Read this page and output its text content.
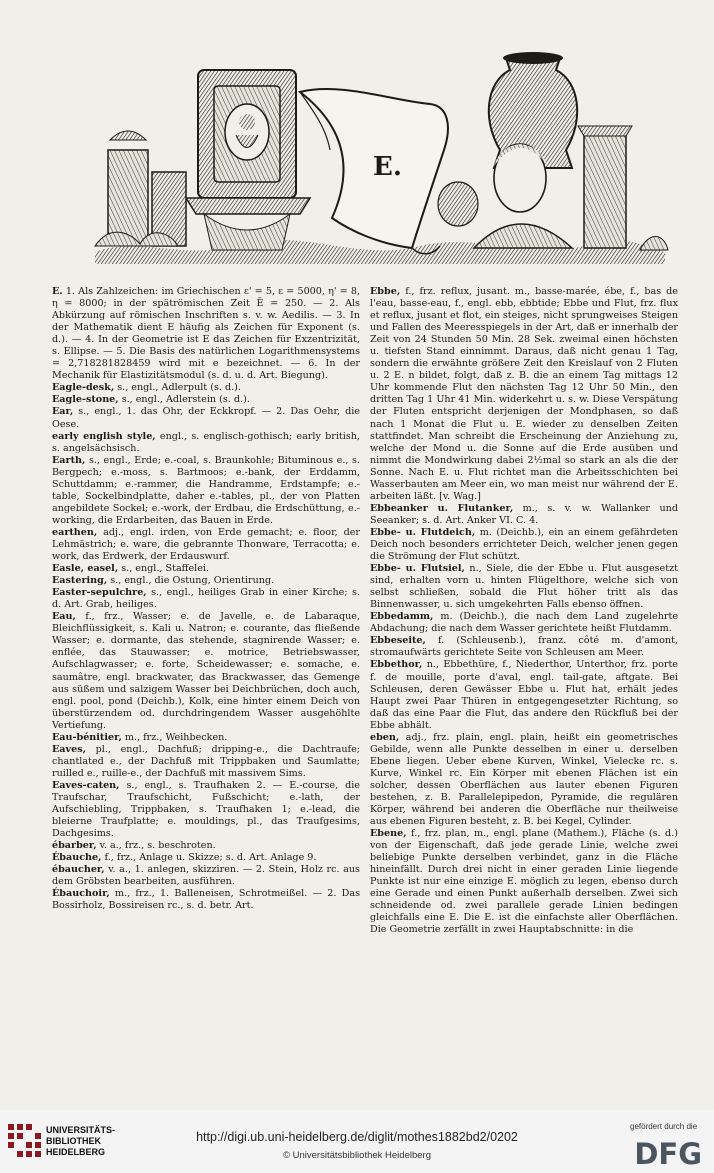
E.

E. 1. Als Zahlzeichen: im Griechischen ε' = 5, ε = 5000, η' = 8, η = 8000; in der spätrömischen Zeit Ē = 250. — 2. Als Abkürzung auf römischen Inschriften s. v. w. Aedilis. — 3. In der Mathematik dient E häufig als Zeichen für Exponent (s. d.). — 4. In der Geometrie ist E das Zeichen für Exzentrizität, s. Ellipse. — 5. Die Basis des natürlichen Logarithmensystems = 2,718281828459 wird mit e bezeichnet. — 6. In der Mechanik für Elastizitätsmodul (s. d. u. d. Art. Biegung).

Eagle-desk, s., engl., Adlerpult (s. d.).

Eagle-stone, s., engl., Adlerstein (s. d.).

Ear, s., engl., 1. das Ohr, der Eckkropf. — 2. Das Oehr, die Oese.

early english style, engl., s. englisch-gothisch; early british, s. angelsächsisch.

Earth, s., engl., Erde; e.-coal, s. Braunkohle; Bituminous e., s. Bergpech; e.-moss, s. Bartmoos; e.-bank, der Erddamm, Schuttdamm; e.-rammer, die Handramme, Erdstampfe; e.-table, Sockelbindplatte, daher e.-tables, pl., der von Platten angebildete Sockel; e.-work, der Erdbau, die Erdschüttung, e.-working, die Erdarbeiten, das Bauen in Erde.

earthen, adj., engl. irden, von Erde gemacht; e. floor, der Lehmästrich; e. ware, die gebrannte Thonware, Terracotta; e. work, das Erdwerk, der Erdauswurf.

Easle, easel, s., engl., Staffelei.

Eastering, s., engl., die Ostung, Orientirung.

Easter-sepulchre, s., engl., heiliges Grab in einer Kirche; s. d. Art. Grab, heiliges.

Eau, f., frz., Wasser; e. de Javelle, e. de Labaraque, Bleichflüssigkeit, s. Kali u. Natron; e. courante, das fließende Wasser; e. dormante, das stehende, stagnirende Wasser; e. enflée, das Stauwasser; e. motrice, Betriebswasser, Aufschlagwasser; e. forte, Scheidewasser; e. somache, e. saumâtre, engl. brackwater, das Brackwasser, das Gemenge aus süßem und salzigem Wasser bei Deichbrüchen, doch auch, engl. pool, pond (Deichb.), Kolk, eine hinter einem Deich von überstürzendem od. durchdringendem Wasser ausgehöhlte Vertiefung.

Eau-bénitier, m., frz., Weihbecken.

Eaves, pl., engl., Dachfuß; dripping-e., die Dachtraufe; chantlated e., der Dachfuß mit Trippbaken und Saumlatte; ruilled e., ruille-e., der Dachfuß mit massivem Sims.

Eaves-caten, s., engl., s. Traufhaken 2. — E.-course, die Traufschar, Traufschicht, Fußschicht; e.-lath, der Aufschiebling, Trippbaken, s. Traufhaken 1; e.-lead, die bleierne Traufplatte; e. mouldings, pl., das Traufgesims, Dachgesims.

ébarber, v. a., frz., s. beschroten.

Ébauche, f., frz., Anlage u. Skizze; s. d. Art. Anlage 9.

ébaucher, v. a., 1. anlegen, skizziren. — 2. Stein, Holz rc. aus dem Gröbsten bearbeiten, ausführen.

Ébauchoir, m., frz., 1. Balleneisen, Schrotmeißel. — 2. Das Bossirholz, Bossireisen rc., s. d. betr. Art.

Ebbe, f., frz. reflux, jusant. m., basse-marée, ébe, f., bas de l'eau, basse-eau, f., engl. ebb, ebbtide; Ebbe und Flut, frz. flux et reflux, jusant et flot, ein steiges, nicht sprungweises Steigen und Fallen des Meeresspiegels in der Art, daß er innerhalb der Zeit von 24 Stunden 50 Min. 28 Sek. zweimal einen höchsten u. tiefsten Stand einnimmt. Daraus, daß nicht genau 1 Tag, sondern die erwähnte größere Zeit den Kreislauf von 2 Fluten u. 2 E. n bildet, folgt, daß z. B. die an einem Tag mittags 12 Uhr kommende Flut den nächsten Tag 12 Uhr 50 Min., den dritten Tag 1 Uhr 41 Min. widerkehrt u. s. w. Diese Verspätung der Fluten entspricht derjenigen der Mondphasen, so daß nach 1 Monat die Flut u. E. wieder zu denselben Zeiten stattfindet. Man schreibt die Erscheinung der Anziehung zu, welche der Mond u. die Sonne auf die Erde ausüben und nimmt die Mondwirkung dabei 2½mal so stark an als die der Sonne. Nach E. u. Flut richtet man die Arbeitsschichten bei Wasserbauten am Meer ein, wo man meist nur während der E. arbeiten läßt. [v. Wag.]

Ebbeanker u. Flutanker, m., s. v. w. Wallanker und Seeanker; s. d. Art. Anker VI. C. 4.

Ebbe- u. Flutdeich, m. (Deichb.), ein an einem gefährdeten Deich noch besonders errichteter Deich, welcher jenen gegen die Strömung der Flut schützt.

Ebbe- u. Flutsiel, n., Siele, die der Ebbe u. Flut ausgesetzt sind, erhalten vorn u. hinten Flügelthore, welche sich von selbst schließen, sobald die Flut höher tritt als das Binnenwasser, u. sich umgekehrten Falls ebenso öffnen.

Ebbedamm, m. (Deichb.), die nach dem Land zugelehrte Abdachung; die nach dem Wasser gerichtete heißt Flutdamm.

Ebbeseite, f. (Schleusenb.), franz. côté m. d'amont, stromaufwärts gerichtete Seite von Schleusen am Meer.

Ebbethor, n., Ebbethüre, f., Niederthor, Unterthor, frz. porte f. de mouille, porte d'aval, engl. tail-gate, aftgate. Bei Schleusen, deren Gewässer Ebbe u. Flut hat, erhält jedes Haupt zwei Paar Thüren in entgegengesetzter Richtung, so daß das eine Paar die Flut, das andere den Rückfluß bei der Ebbe abhält.

eben, adj., frz. plain, engl. plain, heißt ein geometrisches Gebilde, wenn alle Punkte desselben in einer u. derselben Ebene liegen. Ueber ebene Kurven, Winkel, Vielecke rc. s. Kurve, Winkel rc. Ein Körper mit ebenen Flächen ist ein solcher, dessen Oberflächen aus lauter ebenen Figuren bestehen, z. B. Parallelepipedon, Pyramide, die regulären Körper, während bei anderen die Oberfläche nur theilweise aus ebenen Figuren besteht, z. B. bei Kegel, Cylinder.

Ebene, f., frz. plan, m., engl. plane (Mathem.), Fläche (s. d.) von der Eigenschaft, daß jede gerade Linie, welche zwei beliebige Punkte derselben verbindet, ganz in die Fläche hineinfällt. Durch drei nicht in einer geraden Linie liegende Punkte ist nur eine einzige E. möglich zu legen, ebenso durch eine Gerade und einen Punkt außerhalb derselben. Zwei sich schneidende od. zwei parallele gerade Linien bedingen gleichfalls eine E. Die E. ist die einfachste aller Oberflächen. Die Geometrie zerfällt in zwei Hauptabschnitte: in die

UNIVERSITÄTS-
BIBLIOTHEK
HEIDELBERG
http://digi.ub.uni-heidelberg.de/diglit/mothes1882bd2/0202
© Universitätsbibliothek Heidelberg
gefördert durch die
DFG
